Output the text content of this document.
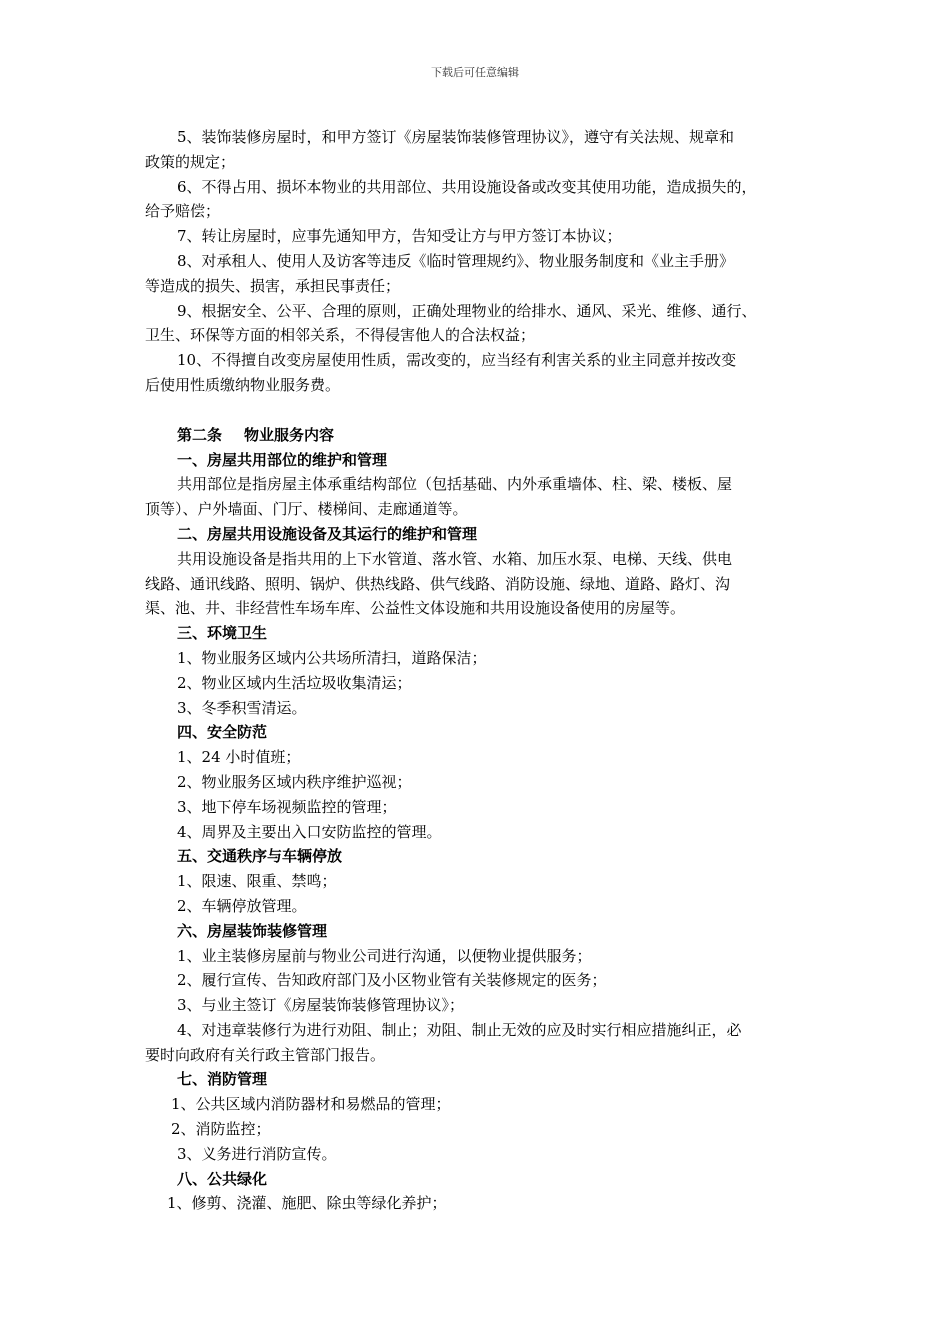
下载后可任意编辑

5、装饰装修房屋时，和甲方签订《房屋装饰装修管理协议》，遵守有关法规、规章和

政策的规定；

6、不得占用、损坏本物业的共用部位、共用设施设备或改变其使用功能，造成损失的，

给予赔偿；

7、转让房屋时，应事先通知甲方，告知受让方与甲方签订本协议；

8、对承租人、使用人及访客等违反《临时管理规约》、物业服务制度和《业主手册》

等造成的损失、损害，承担民事责任；

9、根据安全、公平、合理的原则，正确处理物业的给排水、通风、采光、维修、通行、

卫生、环保等方面的相邻关系，不得侵害他人的合法权益；

10、不得擅自改变房屋使用性质，需改变的，应当经有利害关系的业主同意并按改变

后使用性质缴纳物业服务费。

第二条 物业服务内容

一、房屋共用部位的维护和管理

共用部位是指房屋主体承重结构部位（包括基础、内外承重墙体、柱、梁、楼板、屋

顶等）、户外墙面、门厅、楼梯间、走廊通道等。

二、房屋共用设施设备及其运行的维护和管理

共用设施设备是指共用的上下水管道、落水管、水箱、加压水泵、电梯、天线、供电

线路、通讯线路、照明、锅炉、供热线路、供气线路、消防设施、绿地、道路、路灯、沟

渠、池、井、非经营性车场车库、公益性文体设施和共用设施设备使用的房屋等。

三、环境卫生

1、物业服务区域内公共场所清扫，道路保洁；

2、物业区域内生活垃圾收集清运；

3、冬季积雪清运。

四、安全防范

1、24 小时值班；

2、物业服务区域内秩序维护巡视；

3、地下停车场视频监控的管理；

4、周界及主要出入口安防监控的管理。

五、交通秩序与车辆停放

1、限速、限重、禁鸣；

2、车辆停放管理。

六、房屋装饰装修管理

1、业主装修房屋前与物业公司进行沟通，以便物业提供服务；

2、履行宣传、告知政府部门及小区物业管有关装修规定的医务；

3、与业主签订《房屋装饰装修管理协议》；

4、对违章装修行为进行劝阻、制止；劝阻、制止无效的应及时实行相应措施纠正，必

要时向政府有关行政主管部门报告。

七、消防管理

1、公共区域内消防器材和易燃品的管理；

2、消防监控；

3、义务进行消防宣传。

八、公共绿化

1、修剪、浇灌、施肥、除虫等绿化养护；
